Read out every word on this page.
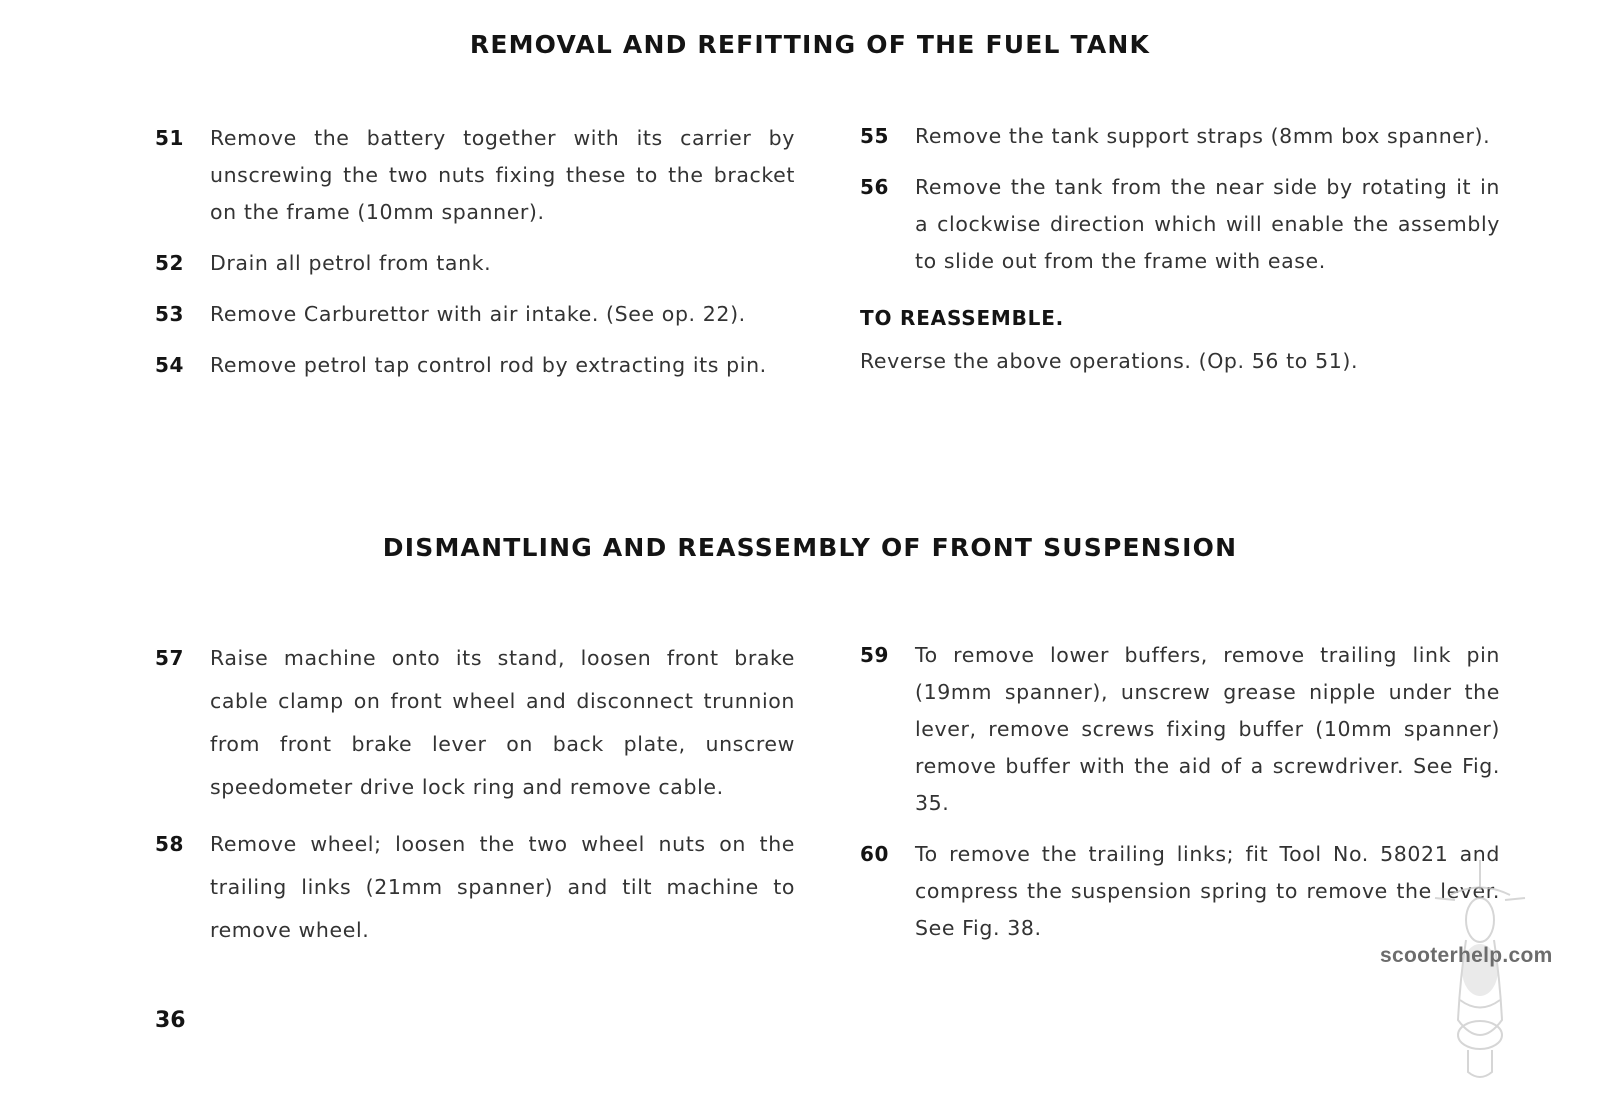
REMOVAL AND REFITTING OF THE FUEL TANK
51	Remove the battery together with its carrier by unscrewing the two nuts fixing these to the bracket on the frame (10mm spanner).
52	Drain all petrol from tank.
53	Remove Carburettor with air intake. (See op. 22).
54	Remove petrol tap control rod by extracting its pin.
55	Remove the tank support straps (8mm box spanner).
56	Remove the tank from the near side by rotating it in a clockwise direction which will enable the assembly to slide out from the frame with ease.
TO REASSEMBLE.
Reverse the above operations. (Op. 56 to 51).
DISMANTLING AND REASSEMBLY OF FRONT SUSPENSION
57	Raise machine onto its stand, loosen front brake cable clamp on front wheel and disconnect trunnion from front brake lever on back plate, unscrew speedometer drive lock ring and remove cable.
58	Remove wheel; loosen the two wheel nuts on the trailing links (21mm spanner) and tilt machine to remove wheel.
59	To remove lower buffers, remove trailing link pin (19mm spanner), unscrew grease nipple under the lever, remove screws fixing buffer (10mm spanner) remove buffer with the aid of a screwdriver. See Fig. 35.
60	To remove the trailing links; fit Tool No. 58021 and compress the suspension spring to remove the lever. See Fig. 38.
36
scooterhelp.com
